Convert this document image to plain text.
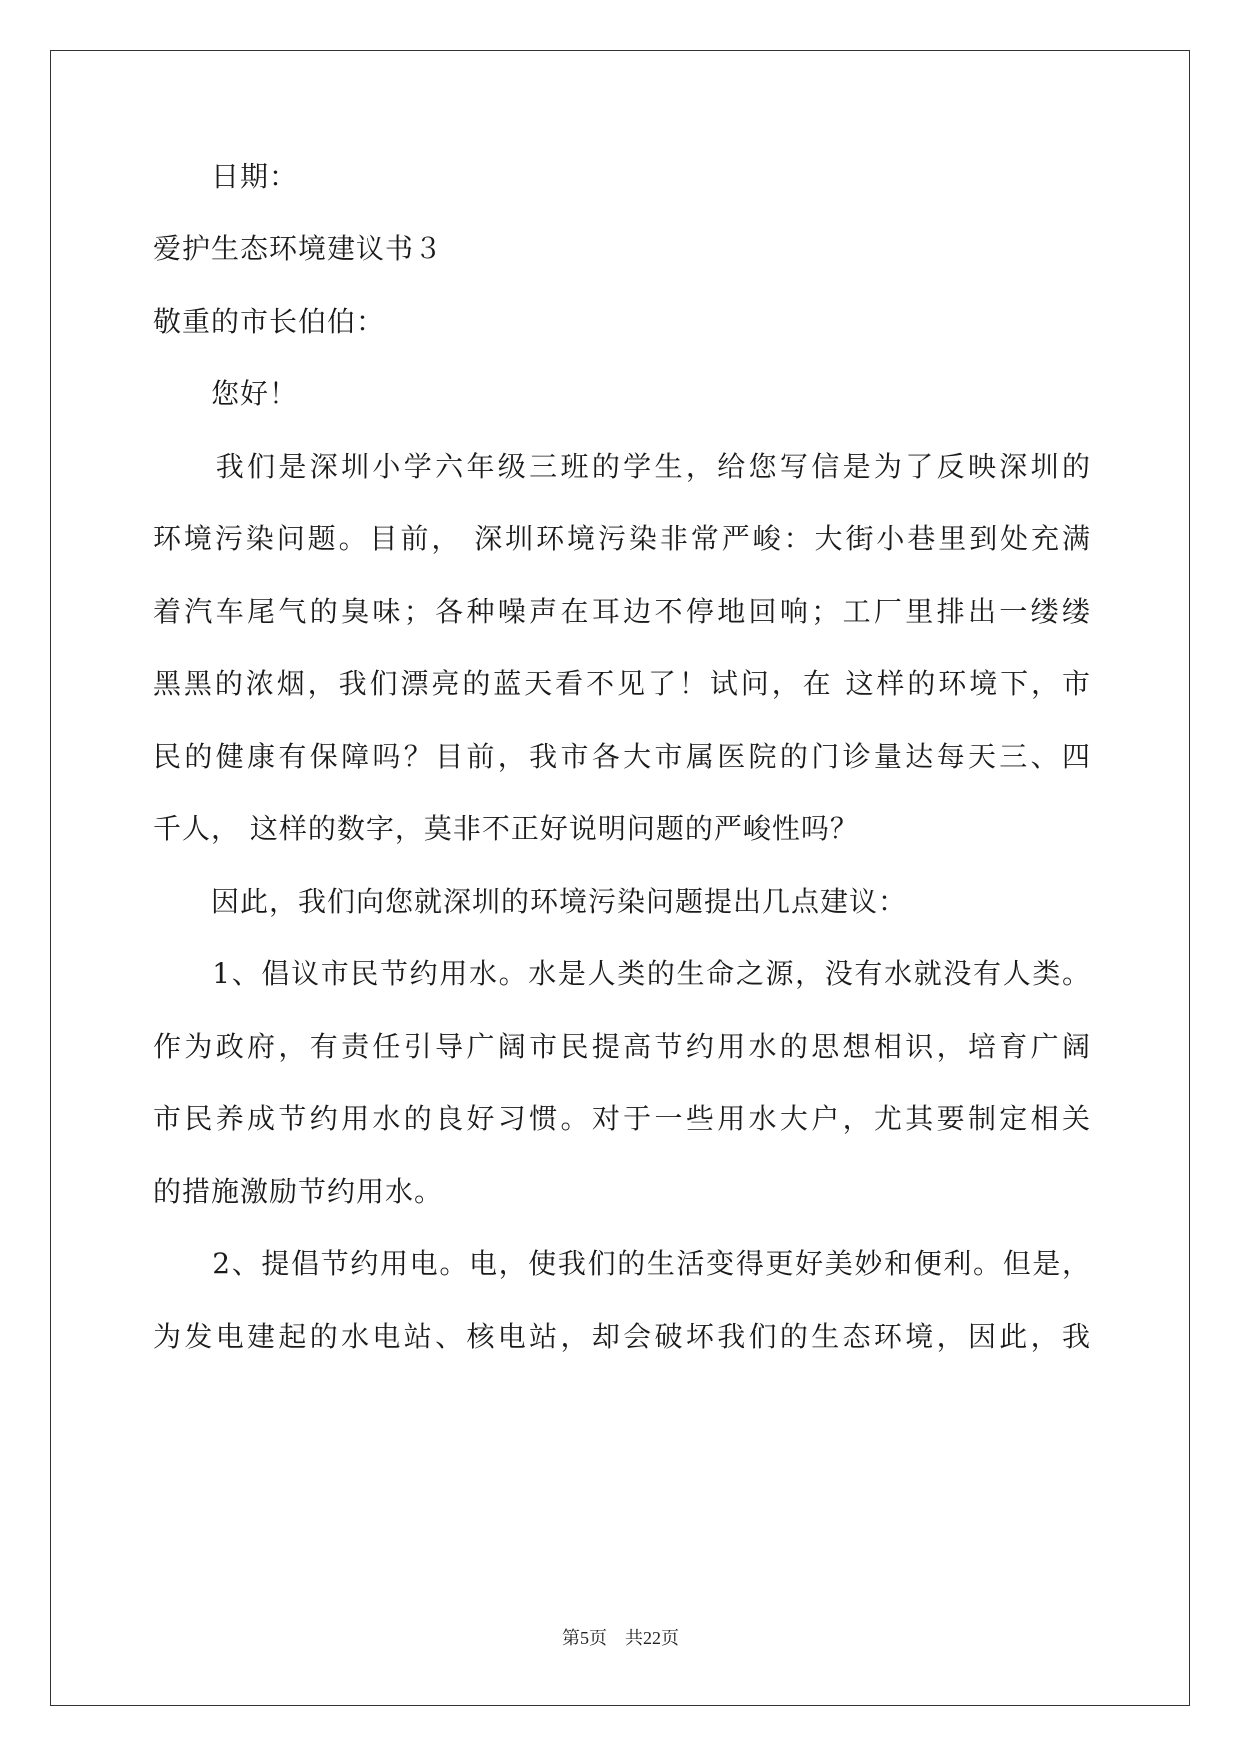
　　日期：
爱护生态环境建议书３
敬重的市长伯伯：
　　您好！
　　我们是深圳小学六年级三班的学生，给您写信是为了反映深圳的
环境污染问题。目前， 深圳环境污染非常严峻：大街小巷里到处充满
着汽车尾气的臭味；各种噪声在耳边不停地回响；工厂里排出一缕缕
黑黑的浓烟，我们漂亮的蓝天看不见了！试问，在 这样的环境下，市
民的健康有保障吗？目前，我市各大市属医院的门诊量达每天三、四
千人， 这样的数字，莫非不正好说明问题的严峻性吗？
　　因此，我们向您就深圳的环境污染问题提出几点建议：
　　1、倡议市民节约用水。水是人类的生命之源，没有水就没有人类。
作为政府，有责任引导广阔市民提高节约用水的思想相识，培育广阔
市民养成节约用水的良好习惯。对于一些用水大户，尤其要制定相关
的措施激励节约用水。
　　2、提倡节约用电。电，使我们的生活变得更好美妙和便利。但是，
为发电建起的水电站、核电站，却会破坏我们的生态环境，因此，我
第5页　共22页
